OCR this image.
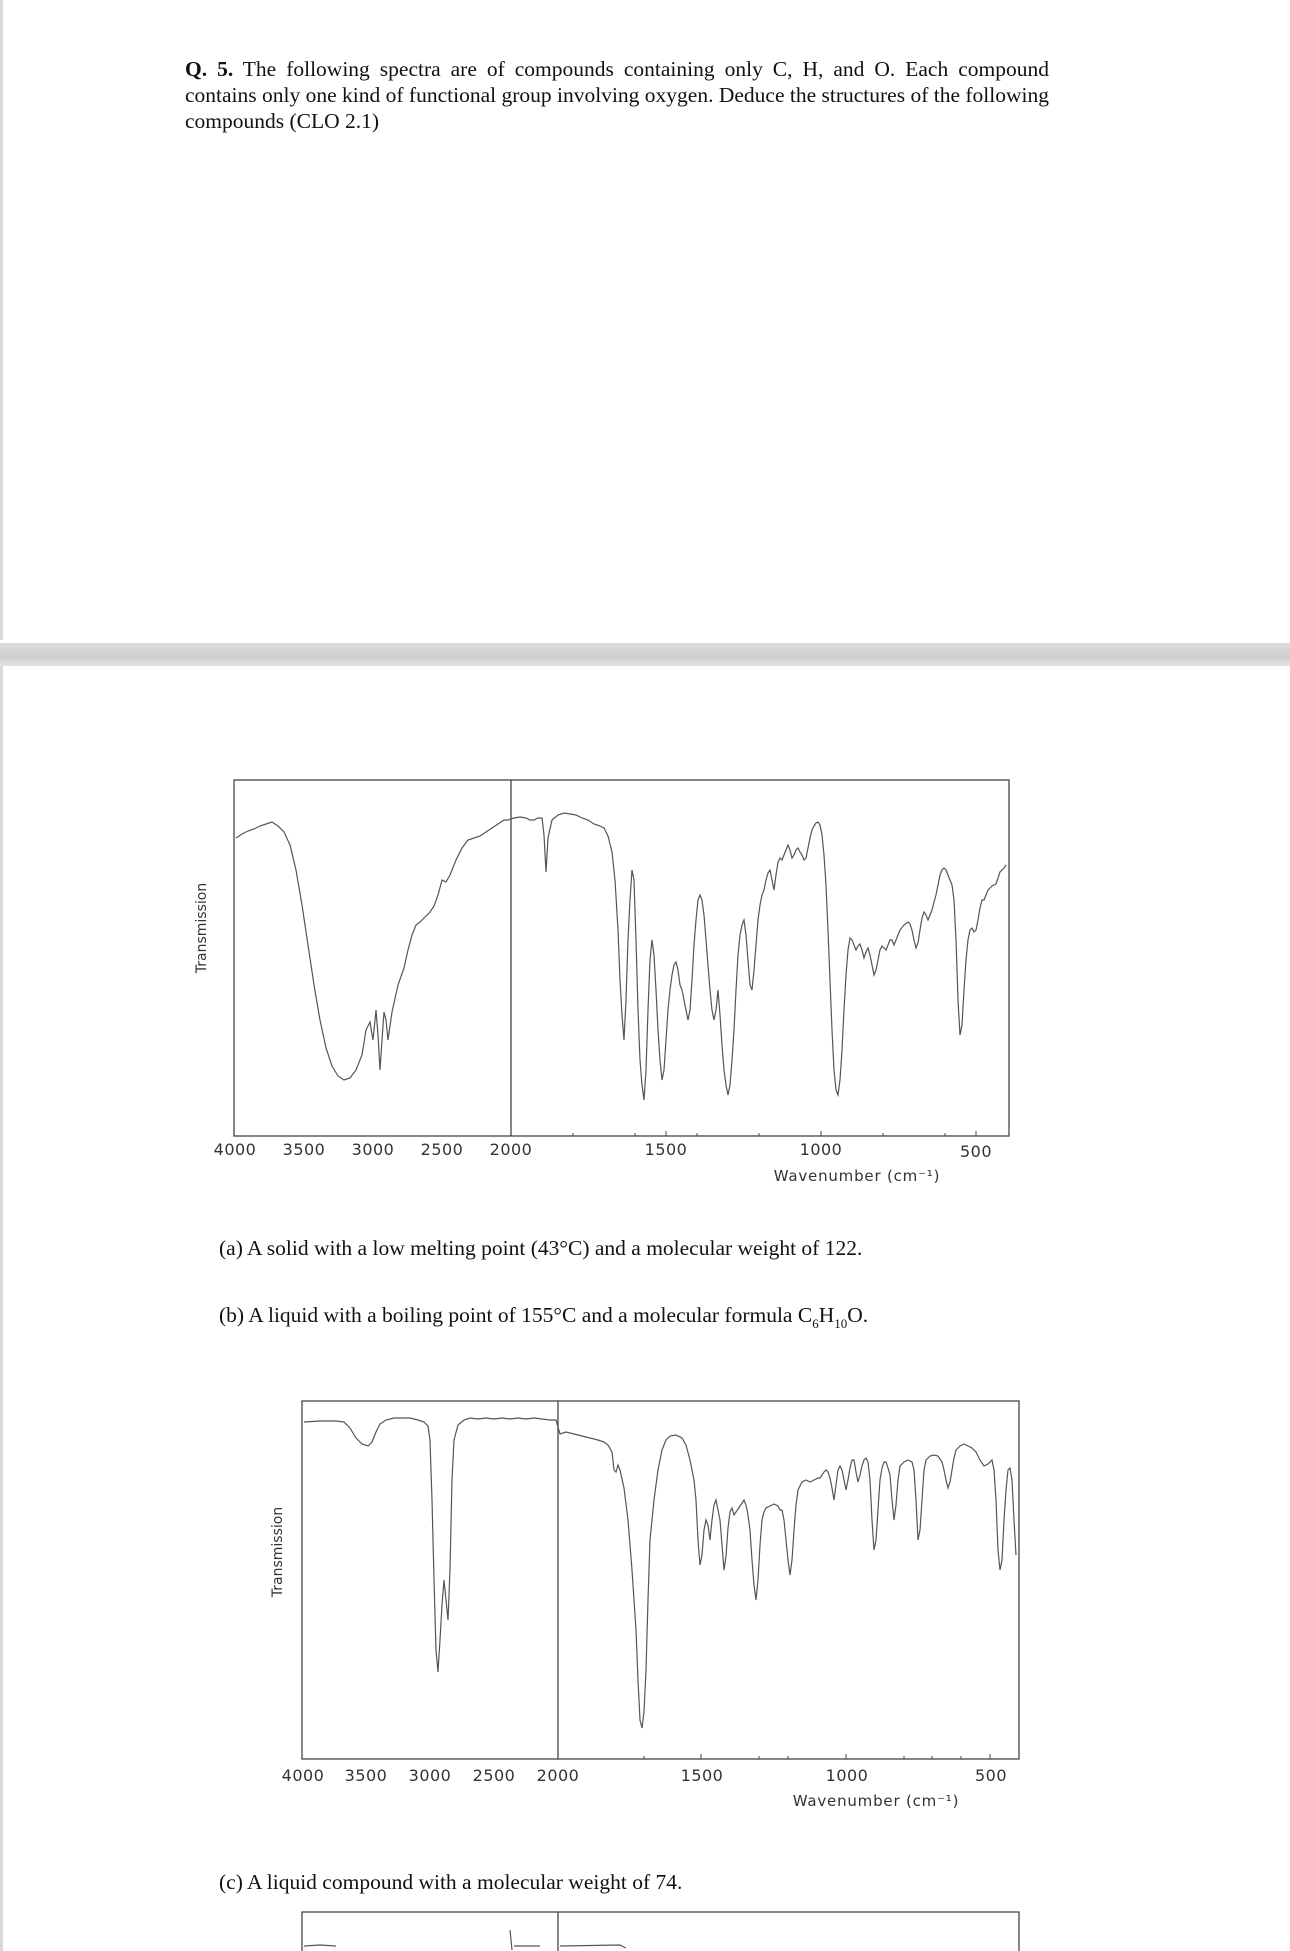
Q. 5. The following spectra are of compounds containing only C, H, and O. Each compound contains only one kind of functional group involving oxygen. Deduce the structures of the following compounds (CLO 2.1)
(a) A solid with a low melting point (43°C) and a molecular weight of 122.
(b) A liquid with a boiling point of 155°C and a molecular formula $C_6H_{10}O$.
(c) A liquid compound with a molecular weight of 74.
4000 3500 3000 2500 2000	1500	1000	500
Wavenumber (cm⁻¹)
Transmission
4000 3500 3000 2500 2000	1500	1000	500
Wavenumber (cm⁻¹)
Transmission
